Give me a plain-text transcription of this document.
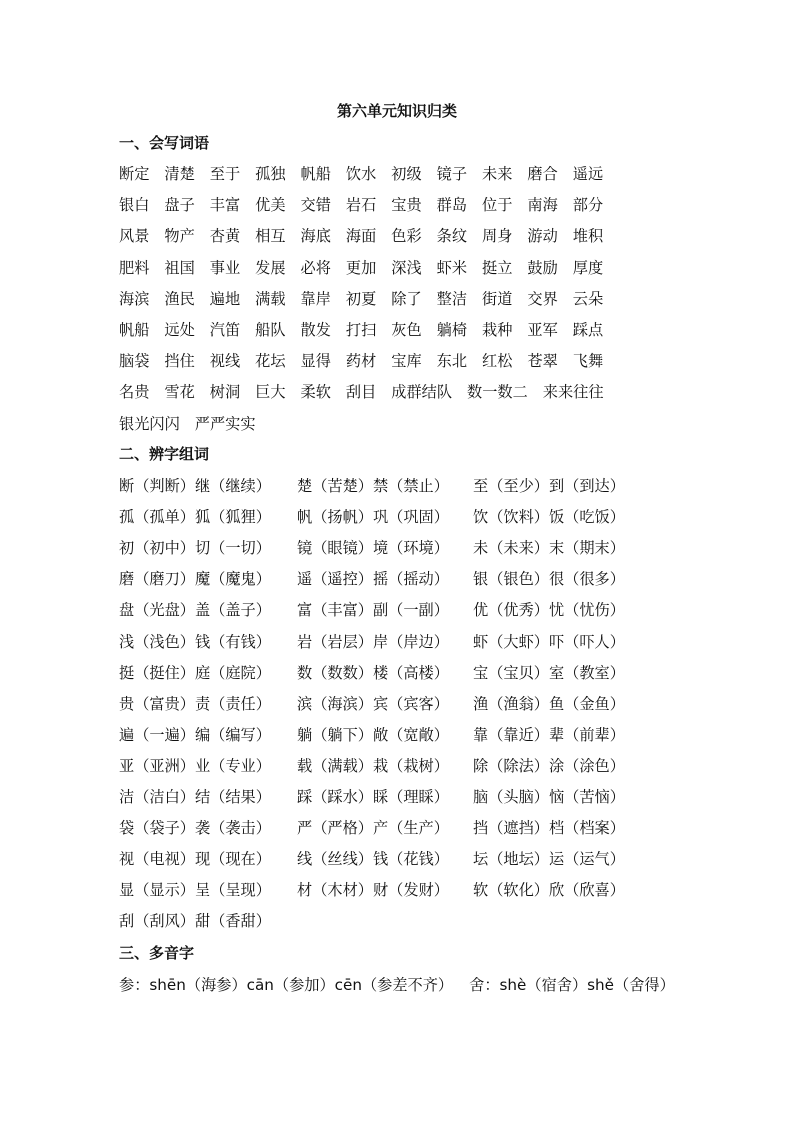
第六单元知识归类
一、会写词语
断定 清楚 至于 孤独 帆船 饮水 初级 镜子 未来 磨合 遥远
银白 盘子 丰富 优美 交错 岩石 宝贵 群岛 位于 南海 部分
风景 物产 杏黄 相互 海底 海面 色彩 条纹 周身 游动 堆积
肥料 祖国 事业 发展 必将 更加 深浅 虾米 挺立 鼓励 厚度
海滨 渔民 遍地 满载 靠岸 初夏 除了 整洁 街道 交界 云朵
帆船 远处 汽笛 船队 散发 打扫 灰色 躺椅 栽种 亚军 踩点
脑袋 挡住 视线 花坛 显得 药材 宝库 东北 红松 苍翠 飞舞
名贵 雪花 树洞 巨大 柔软 刮目 成群结队 数一数二 来来往往
银光闪闪 严严实实
二、辨字组词
断（判断）继（继续） 楚（苦楚）禁（禁止） 至（至少）到（到达）
孤（孤单）狐（狐狸） 帆（扬帆）巩（巩固） 饮（饮料）饭（吃饭）
初（初中）切（一切） 镜（眼镜）境（环境） 未（未来）末（期末）
磨（磨刀）魔（魔鬼） 遥（遥控）摇（摇动） 银（银色）很（很多）
盘（光盘）盖（盖子） 富（丰富）副（一副） 优（优秀）忧（忧伤）
浅（浅色）钱（有钱） 岩（岩层）岸（岸边） 虾（大虾）吓（吓人）
挺（挺住）庭（庭院） 数（数数）楼（高楼） 宝（宝贝）室（教室）
贵（富贵）责（责任） 滨（海滨）宾（宾客） 渔（渔翁）鱼（金鱼）
遍（一遍）编（编写） 躺（躺下）敞（宽敞） 靠（靠近）辈（前辈）
亚（亚洲）业（专业） 载（满载）栽（栽树） 除（除法）涂（涂色）
洁（洁白）结（结果） 踩（踩水）睬（理睬） 脑（头脑）恼（苦恼）
袋（袋子）袭（袭击） 严（严格）产（生产） 挡（遮挡）档（档案）
视（电视）现（现在） 线（丝线）钱（花钱） 坛（地坛）运（运气）
显（显示）呈（呈现） 材（木材）财（发财） 软（软化）欣（欣喜）
刮（刮风）甜（香甜）
三、多音字
参：shēn（海参）cān（参加）cēn（参差不齐） 舍：shè（宿舍）shě（舍得）
